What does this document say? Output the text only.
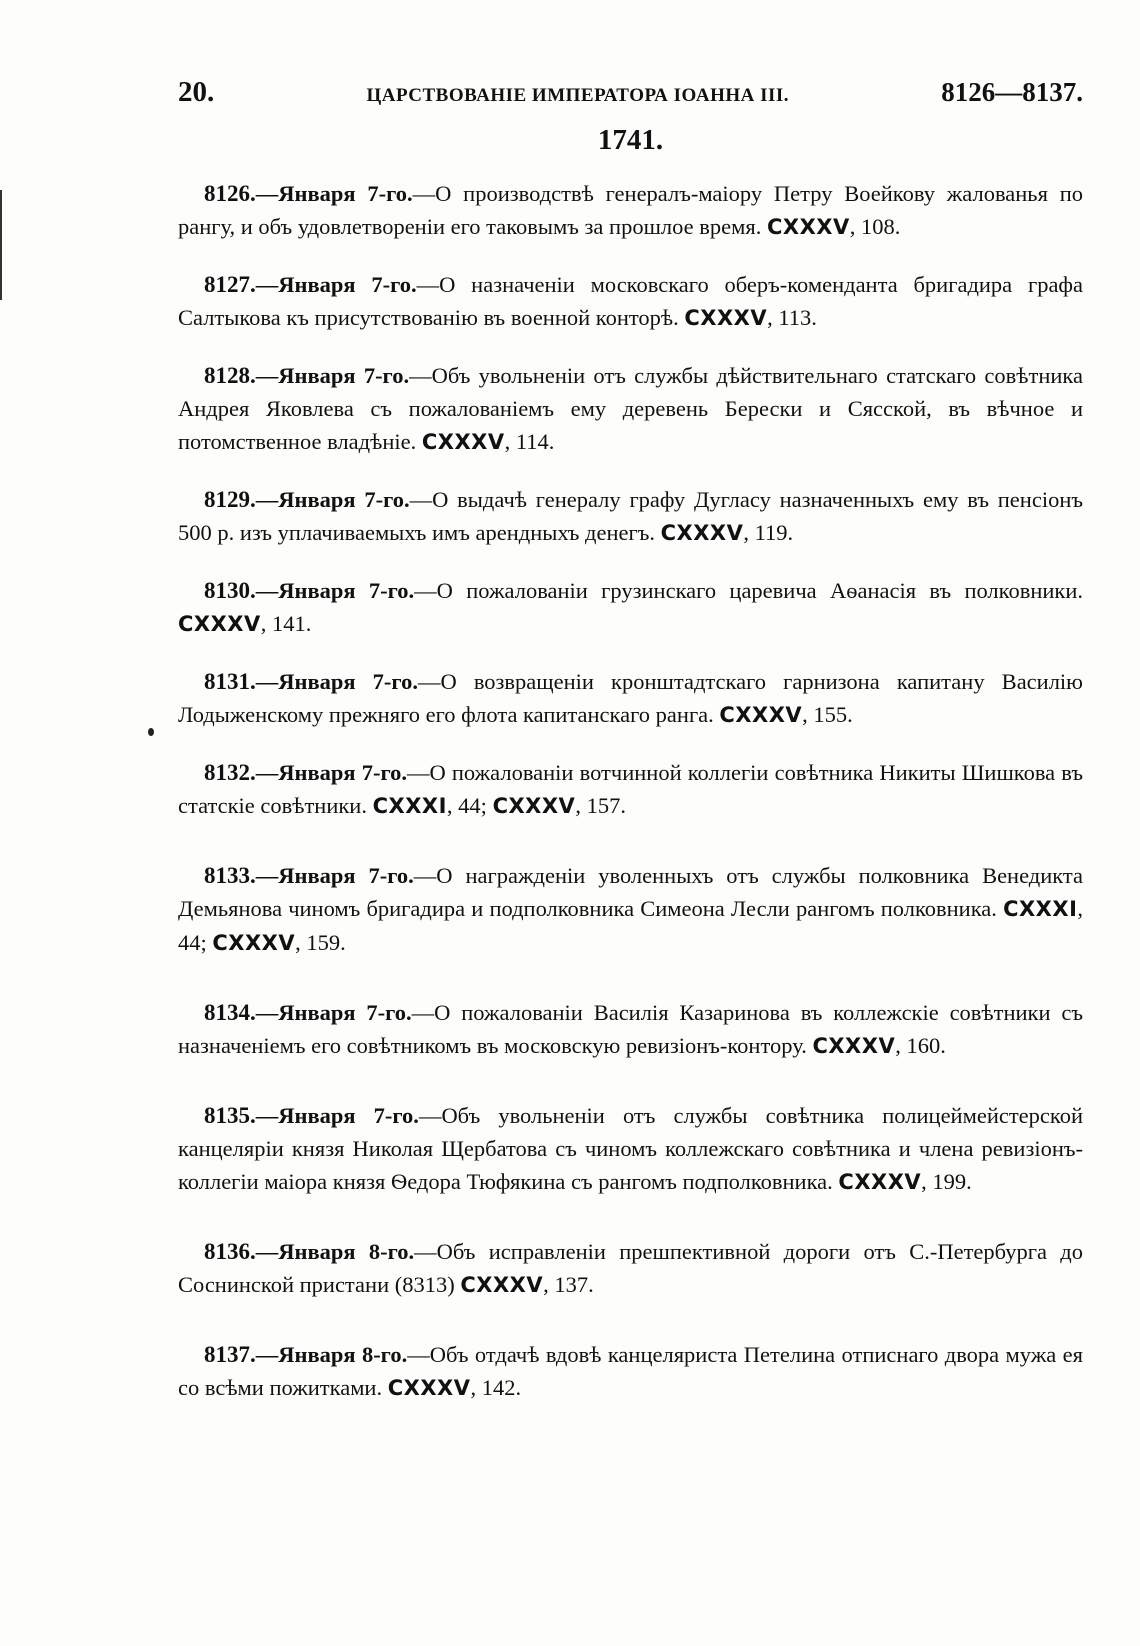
20.	ЦАРСТВОВАНІЕ ИМПЕРАТОРА ІОАННА III.	8126—8137.
1741.

8126.—Января 7-го.—О производствѣ генералъ-маіору Петру Воейкову жалованья по рангу, и объ удовлетвореніи его таковымъ за прошлое время. CXXXV, 108.

8127.—Января 7-го.—О назначеніи московскаго оберъ-коменданта бригадира графа Салтыкова къ присутствованію въ военной конторѣ. CXXXV, 113.

8128.—Января 7-го.—Объ увольненіи отъ службы дѣйствительнаго статскаго совѣтника Андрея Яковлева съ пожалованіемъ ему деревень Берески и Сясской, въ вѣчное и потомственное владѣніе. CXXXV, 114.

8129.—Января 7-го.—О выдачѣ генералу графу Дугласу назначенныхъ ему въ пенсіонъ 500 р. изъ уплачиваемыхъ имъ арендныхъ денегъ. CXXXV, 119.

8130.—Января 7-го.—О пожалованіи грузинскаго царевича Аѳанасія въ полковники. CXXXV, 141.

8131.—Января 7-го.—О возвращеніи кронштадтскаго гарнизона капитану Василію Лодыженскому прежняго его флота капитанскаго ранга. CXXXV, 155.

8132.—Января 7-го.—О пожалованіи вотчинной коллегіи совѣтника Никиты Шишкова въ статскіе совѣтники. CXXXI, 44; CXXXV, 157.

8133.—Января 7-го.—О награжденіи уволенныхъ отъ службы полковника Венедикта Демьянова чиномъ бригадира и подполковника Симеона Лесли рангомъ полковника. CXXXI, 44; CXXXV, 159.

8134.—Января 7-го.—О пожалованіи Василія Казаринова въ коллежскіе совѣтники съ назначеніемъ его совѣтникомъ въ московскую ревизіонъ-контору. CXXXV, 160.

8135.—Января 7-го.—Объ увольненіи отъ службы совѣтника полицеймейстерской канцеляріи князя Николая Щербатова съ чиномъ коллежскаго совѣтника и члена ревизіонъ-коллегіи маіора князя Ѳедора Тюфякина съ рангомъ подполковника. CXXXV, 199.

8136.—Января 8-го.—Объ исправленіи прешпективной дороги отъ С.-Петербурга до Соснинской пристани (8313) CXXXV, 137.

8137.—Января 8-го.—Объ отдачѣ вдовѣ канцеляриста Петелина отписнаго двора мужа ея со всѣми пожитками. CXXXV, 142.
